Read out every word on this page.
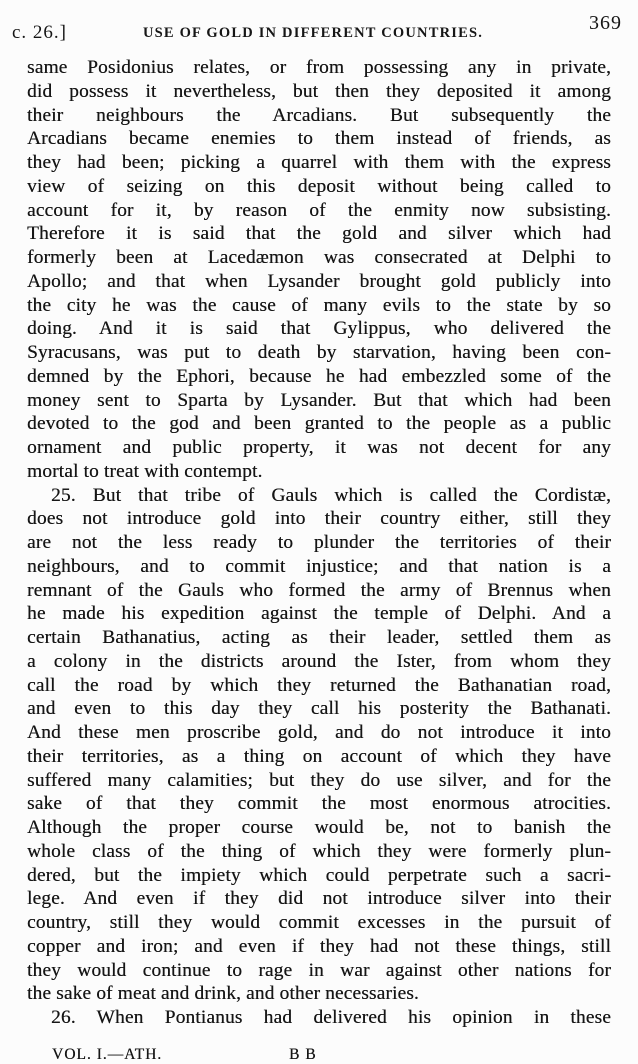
c. 26.]	USE OF GOLD IN DIFFERENT COUNTRIES.	369
same Posidonius relates, or from possessing any in private,
did possess it nevertheless, but then they deposited it among
their neighbours the Arcadians. But subsequently the
Arcadians became enemies to them instead of friends, as
they had been; picking a quarrel with them with the express
view of seizing on this deposit without being called to
account for it, by reason of the enmity now subsisting.
Therefore it is said that the gold and silver which had
formerly been at Lacedæmon was consecrated at Delphi to
Apollo; and that when Lysander brought gold publicly into
the city he was the cause of many evils to the state by so
doing. And it is said that Gylippus, who delivered the
Syracusans, was put to death by starvation, having been con-
demned by the Ephori, because he had embezzled some of the
money sent to Sparta by Lysander. But that which had been
devoted to the god and been granted to the people as a public
ornament and public property, it was not decent for any
mortal to treat with contempt.
25. But that tribe of Gauls which is called the Cordistæ,
does not introduce gold into their country either, still they
are not the less ready to plunder the territories of their
neighbours, and to commit injustice; and that nation is a
remnant of the Gauls who formed the army of Brennus when
he made his expedition against the temple of Delphi. And a
certain Bathanatius, acting as their leader, settled them as
a colony in the districts around the Ister, from whom they
call the road by which they returned the Bathanatian road,
and even to this day they call his posterity the Bathanati.
And these men proscribe gold, and do not introduce it into
their territories, as a thing on account of which they have
suffered many calamities; but they do use silver, and for the
sake of that they commit the most enormous atrocities.
Although the proper course would be, not to banish the
whole class of the thing of which they were formerly plun-
dered, but the impiety which could perpetrate such a sacri-
lege. And even if they did not introduce silver into their
country, still they would commit excesses in the pursuit of
copper and iron; and even if they had not these things, still
they would continue to rage in war against other nations for
the sake of meat and drink, and other necessaries.
26. When Pontianus had delivered his opinion in these
VOL. I.—ATH.	B B
